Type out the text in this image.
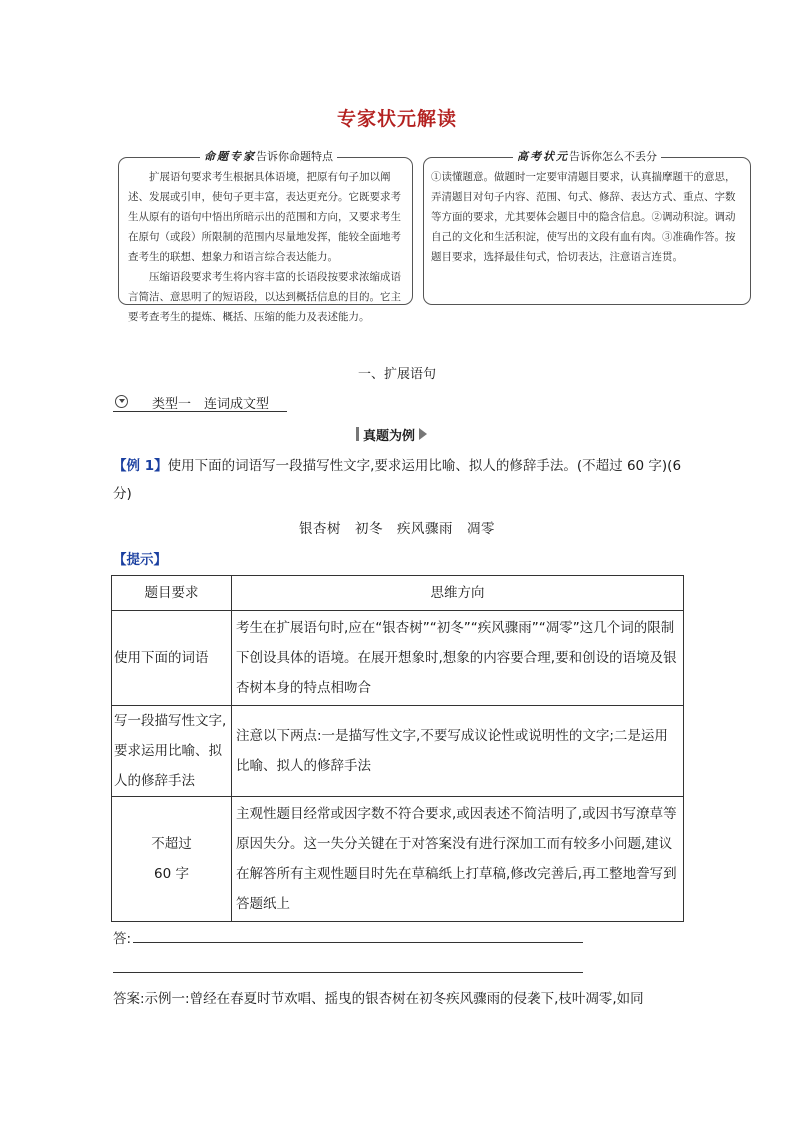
专家状元解读
命题专家告诉你命题特点

扩展语句要求考生根据具体语境，把原有句子加以阐述、发展或引申，使句子更丰富，表达更充分。它既要求考生从原有的语句中悟出所暗示出的范围和方向，又要求考生在原句（或段）所限制的范围内尽量地发挥，能较全面地考查考生的联想、想象力和语言综合表达能力。

压缩语段要求考生将内容丰富的长语段按要求浓缩成语言简洁、意思明了的短语段，以达到概括信息的目的。它主要考查考生的提炼、概括、压缩的能力及表述能力。

高考状元告诉你怎么不丢分

①读懂题意。做题时一定要审清题目要求，认真揣摩题干的意思，弄清题目对句子内容、范围、句式、修辞、表达方式、重点、字数等方面的要求，尤其要体会题目中的隐含信息。②调动积淀。调动自己的文化和生活积淀，使写出的文段有血有肉。③准确作答。按题目要求，选择最佳句式，恰切表达，注意语言连贯。

一、扩展语句
类型一　连词成文型
真题为例
【例 1】使用下面的词语写一段描写性文字,要求运用比喻、拟人的修辞手法。(不超过 60 字)(6 分)
银杏树　初冬　疾风骤雨　凋零
【提示】
题目要求	思维方向
使用下面的词语	考生在扩展语句时,应在“银杏树”“初冬”“疾风骤雨”“凋零”这几个词的限制下创设具体的语境。在展开想象时,想象的内容要合理,要和创设的语境及银杏树本身的特点相吻合
写一段描写性文字,要求运用比喻、拟人的修辞手法	注意以下两点:一是描写性文字,不要写成议论性或说明性的文字;二是运用比喻、拟人的修辞手法

不超过
60 字	主观性题目经常或因字数不符合要求,或因表述不简洁明了,或因书写潦草等原因失分。这一失分关键在于对答案没有进行深加工而有较多小问题,建议在解答所有主观性题目时先在草稿纸上打草稿,修改完善后,再工整地誊写到答题纸上
答:
答案:示例一:曾经在春夏时节欢唱、摇曳的银杏树在初冬疾风骤雨的侵袭下,枝叶凋零,如同
